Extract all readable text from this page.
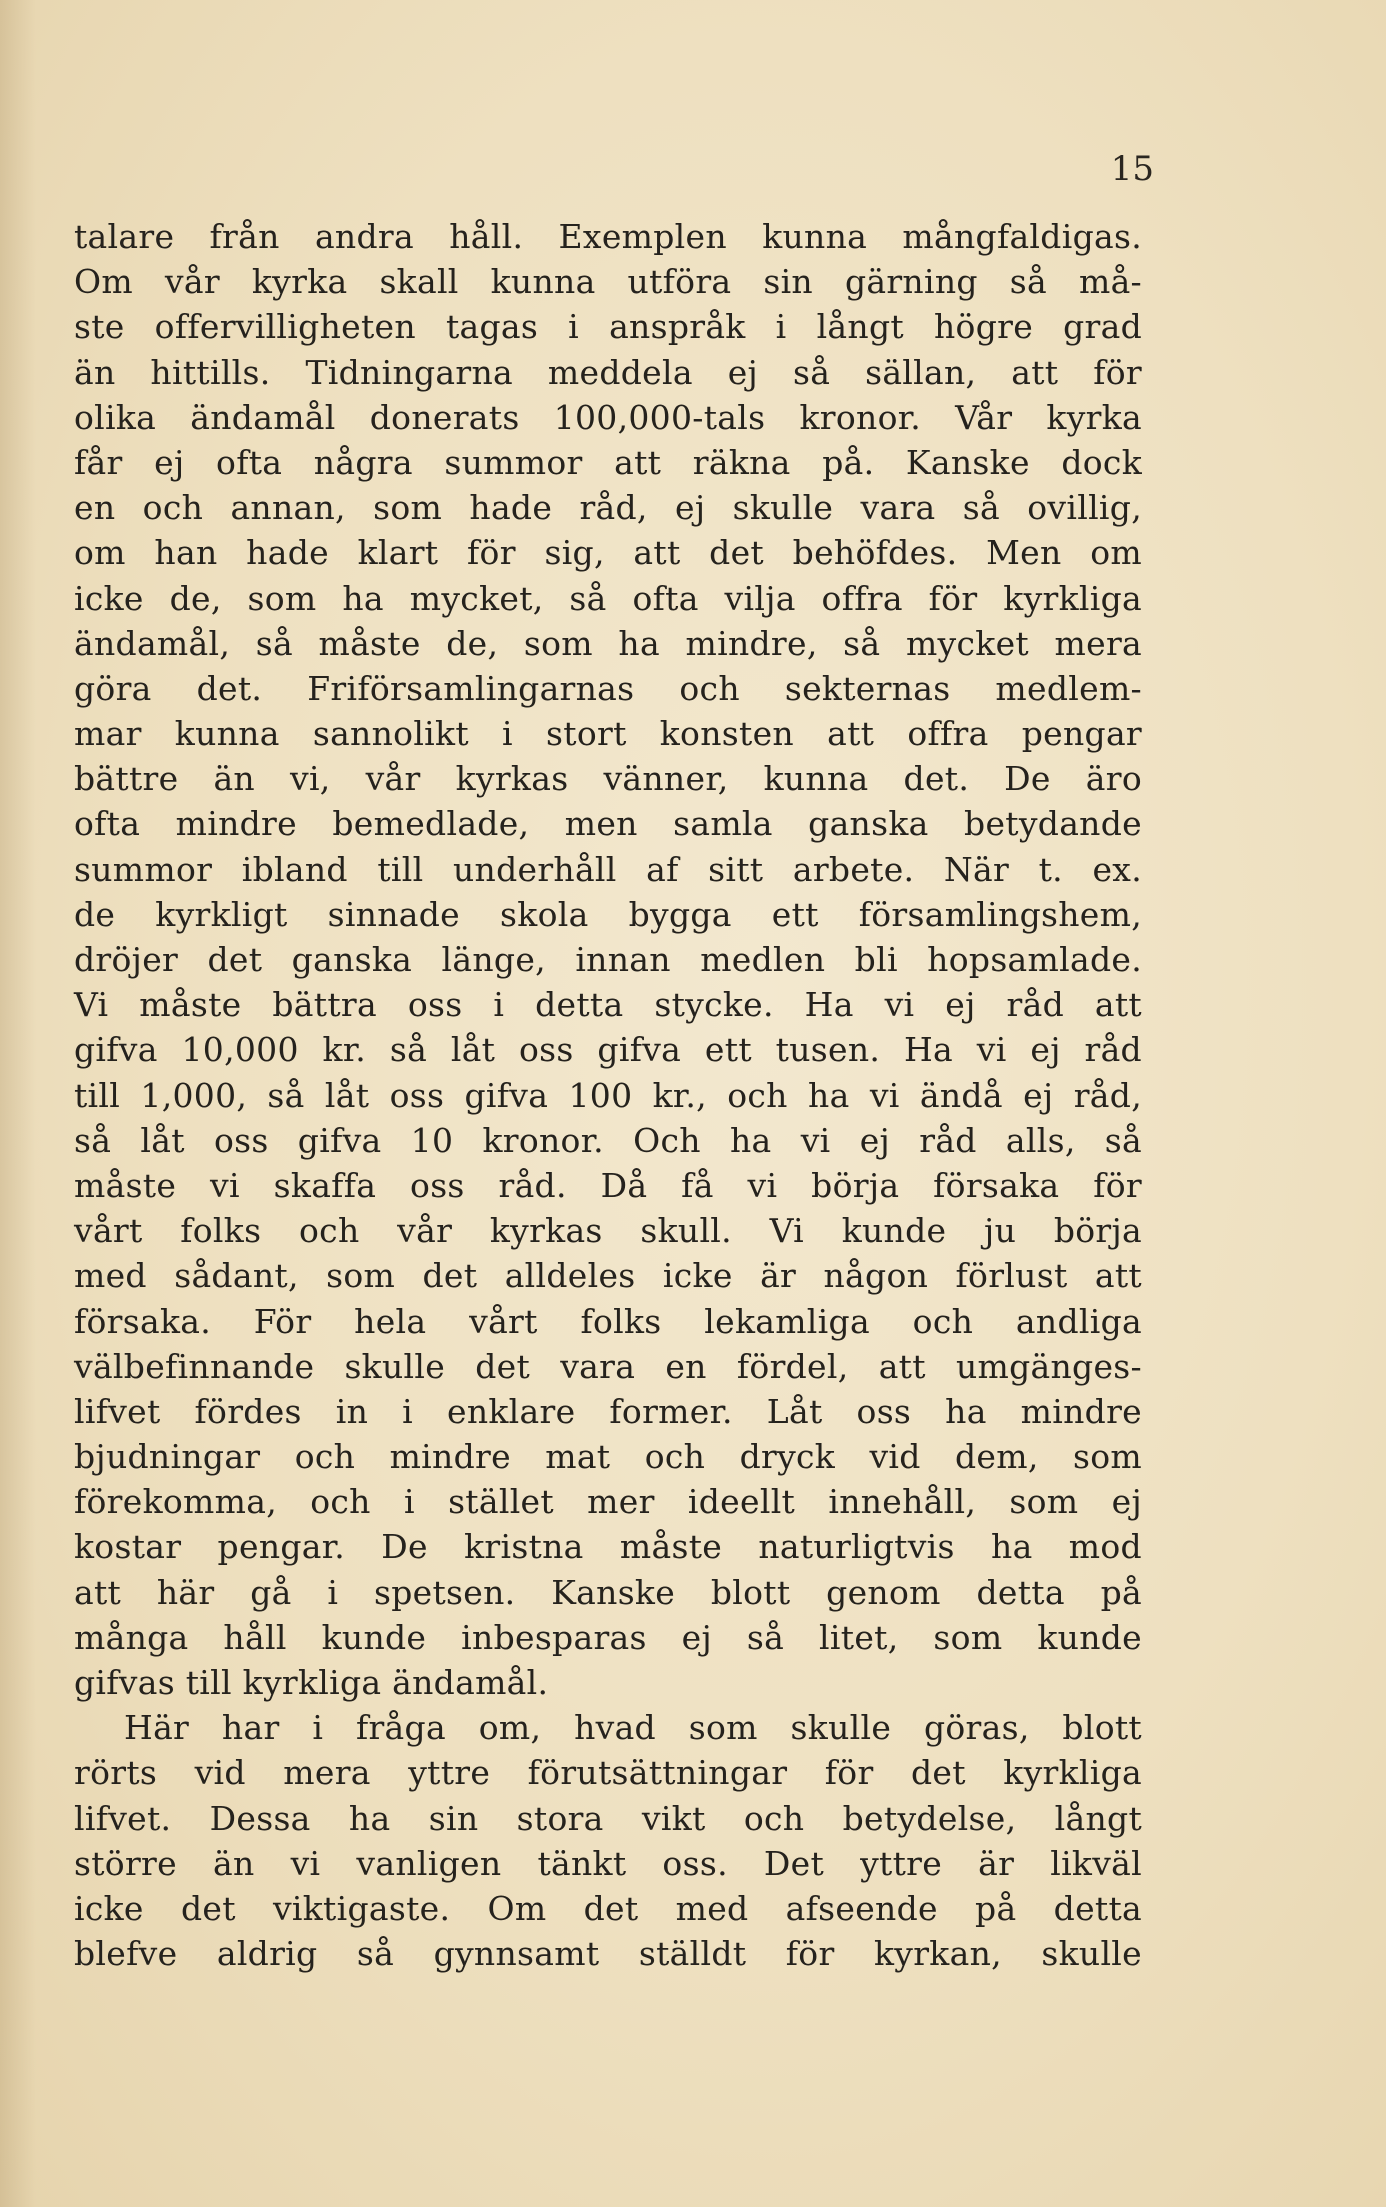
15
talare från andra håll. Exemplen kunna mångfaldigas.
Om vår kyrka skall kunna utföra sin gärning så må-
ste offervilligheten tagas i anspråk i långt högre grad
än hittills. Tidningarna meddela ej så sällan, att för
olika ändamål donerats 100,000-tals kronor. Vår kyrka
får ej ofta några summor att räkna på. Kanske dock
en och annan, som hade råd, ej skulle vara så ovillig,
om han hade klart för sig, att det behöfdes. Men om
icke de, som ha mycket, så ofta vilja offra för kyrkliga
ändamål, så måste de, som ha mindre, så mycket mera
göra det. Friförsamlingarnas och sekternas medlem-
mar kunna sannolikt i stort konsten att offra pengar
bättre än vi, vår kyrkas vänner, kunna det. De äro
ofta mindre bemedlade, men samla ganska betydande
summor ibland till underhåll af sitt arbete. När t. ex.
de kyrkligt sinnade skola bygga ett församlingshem,
dröjer det ganska länge, innan medlen bli hopsamlade.
Vi måste bättra oss i detta stycke. Ha vi ej råd att
gifva 10,000 kr. så låt oss gifva ett tusen. Ha vi ej råd
till 1,000, så låt oss gifva 100 kr., och ha vi ändå ej råd,
så låt oss gifva 10 kronor. Och ha vi ej råd alls, så
måste vi skaffa oss råd. Då få vi börja försaka för
vårt folks och vår kyrkas skull. Vi kunde ju börja
med sådant, som det alldeles icke är någon förlust att
försaka. För hela vårt folks lekamliga och andliga
välbefinnande skulle det vara en fördel, att umgänges-
lifvet fördes in i enklare former. Låt oss ha mindre
bjudningar och mindre mat och dryck vid dem, som
förekomma, och i stället mer ideellt innehåll, som ej
kostar pengar. De kristna måste naturligtvis ha mod
att här gå i spetsen. Kanske blott genom detta på
många håll kunde inbesparas ej så litet, som kunde
gifvas till kyrkliga ändamål.
Här har i fråga om, hvad som skulle göras, blott
rörts vid mera yttre förutsättningar för det kyrkliga
lifvet. Dessa ha sin stora vikt och betydelse, långt
större än vi vanligen tänkt oss. Det yttre är likväl
icke det viktigaste. Om det med afseende på detta
blefve aldrig så gynnsamt ställdt för kyrkan, skulle
